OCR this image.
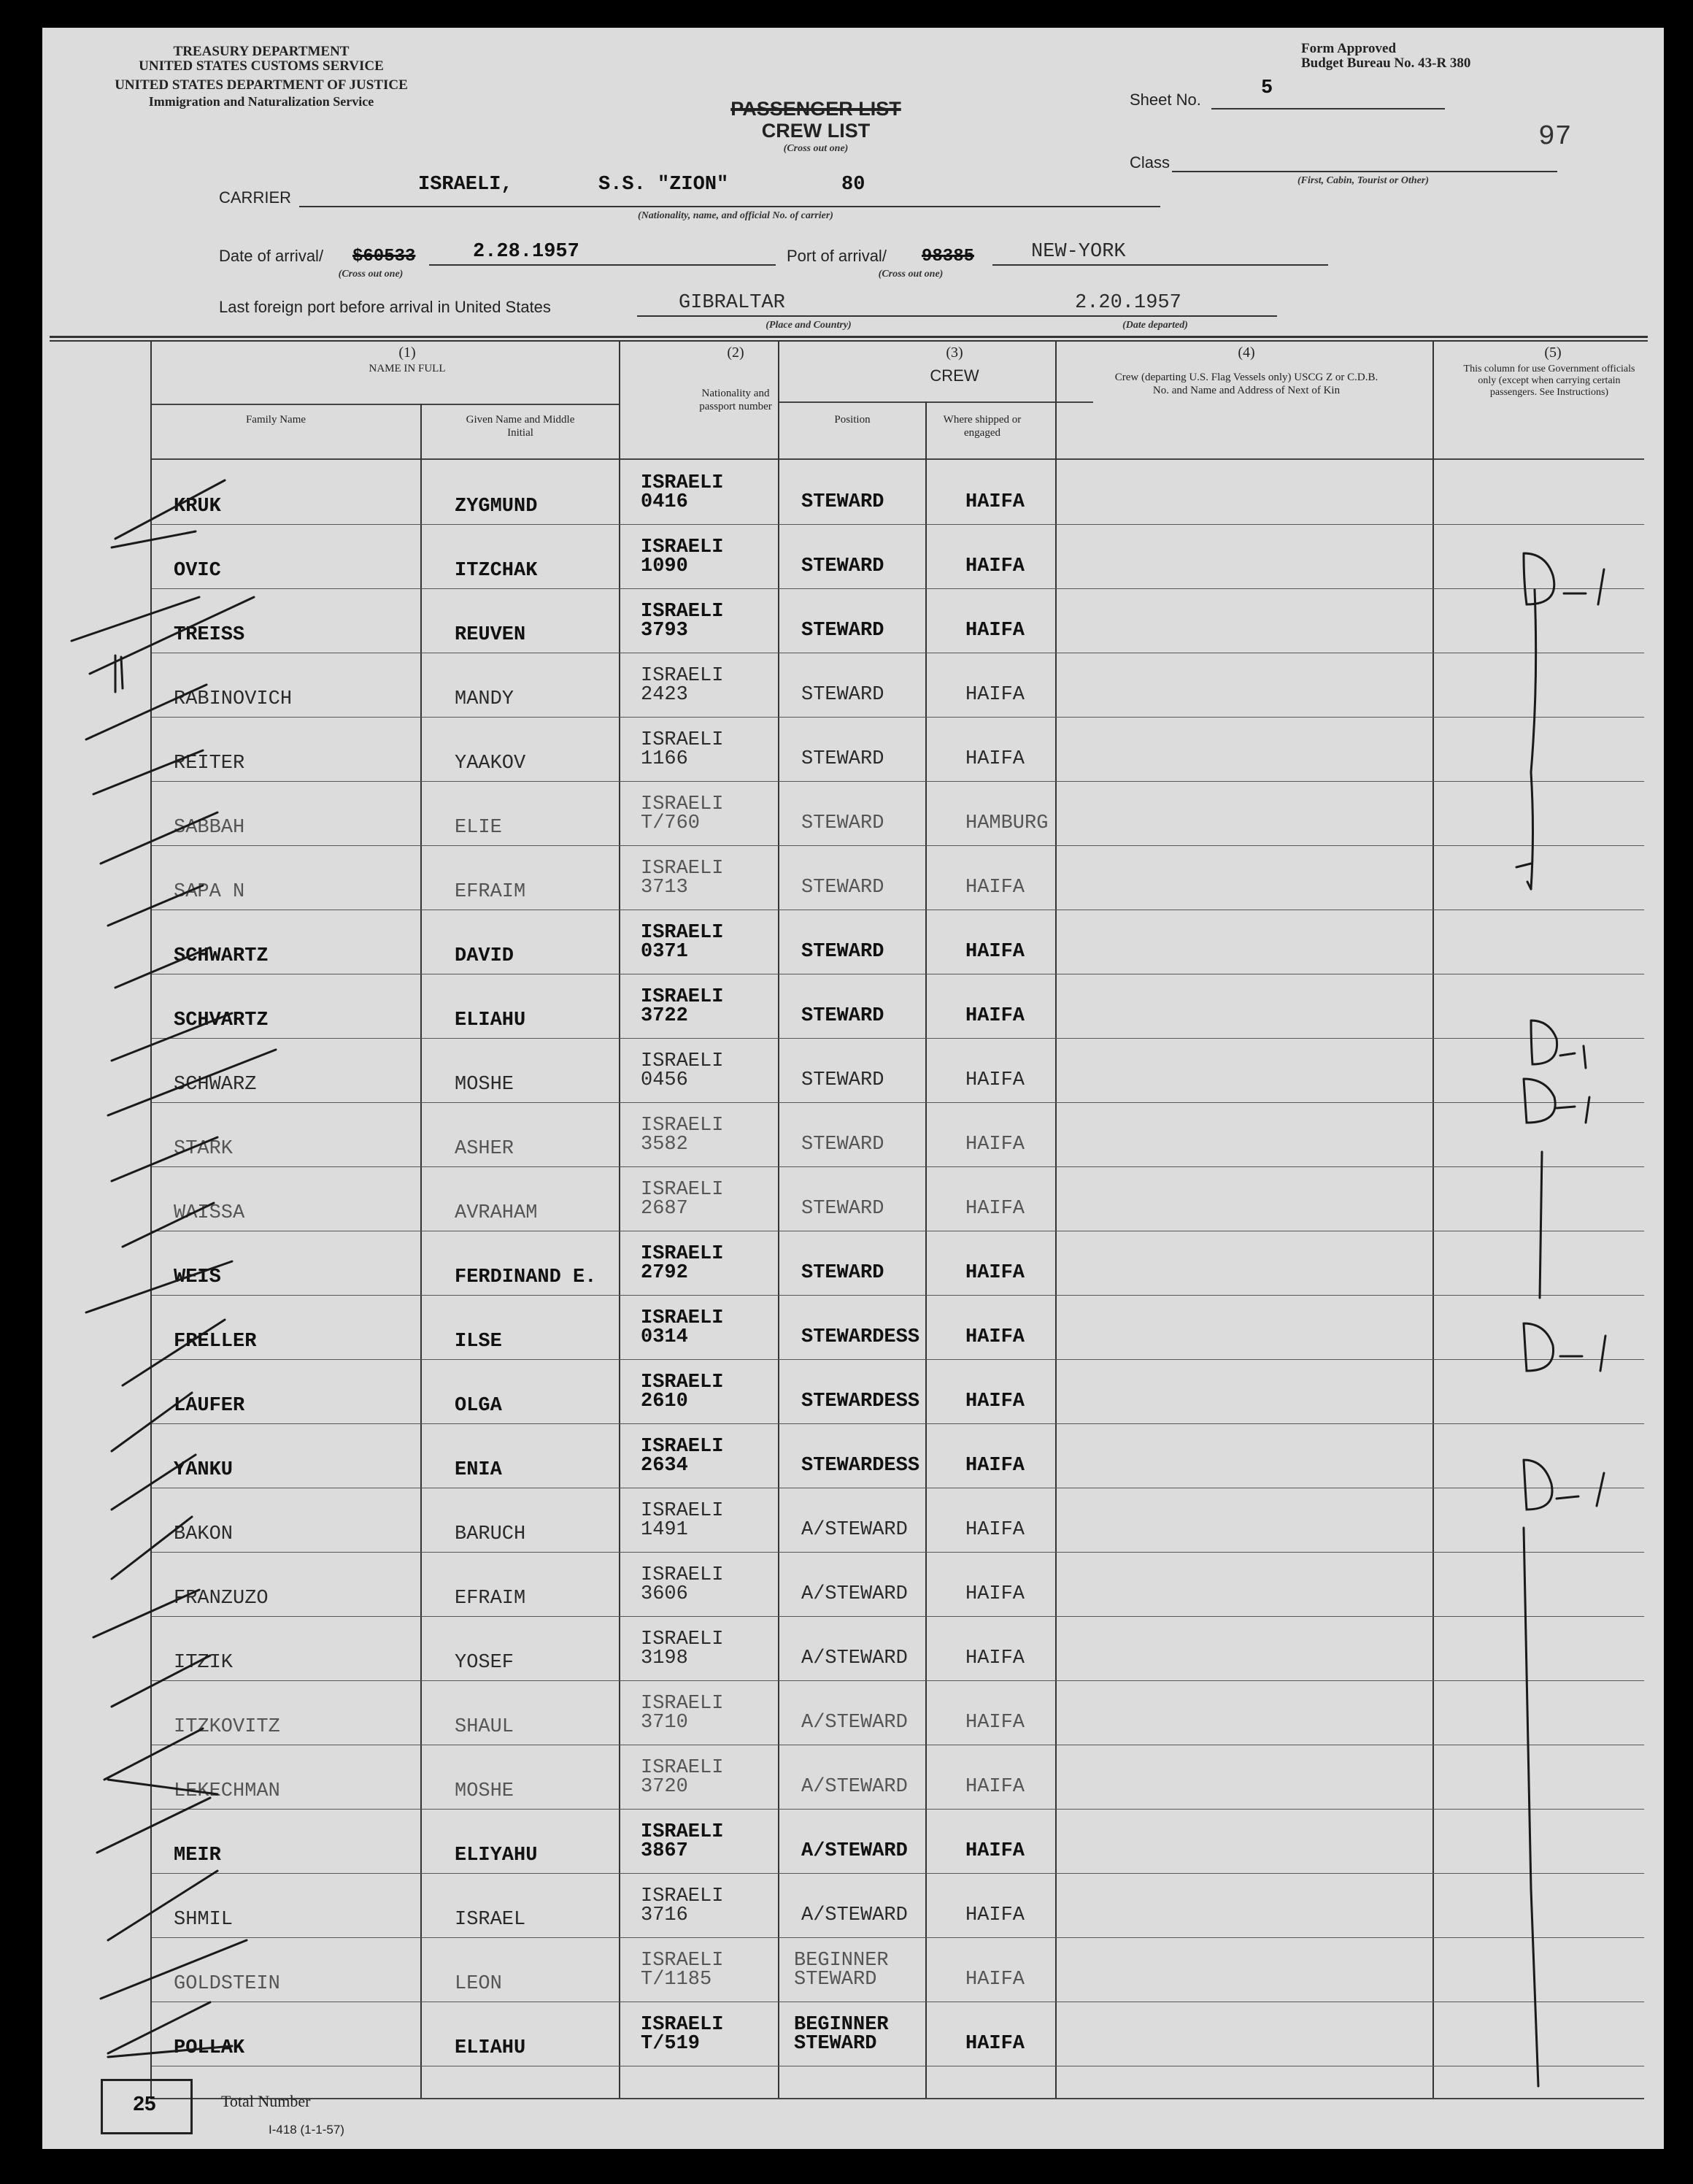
TREASURY DEPARTMENT
UNITED STATES CUSTOMS SERVICE
UNITED STATES DEPARTMENT OF JUSTICE
Immigration and Naturalization Service
Form Approved
Budget Bureau No. 43-R 380
PASSENGER LIST
CREW LIST
(Cross out one)
Sheet No.
5
97
Class
(First, Cabin, Tourist or Other)
CARRIER
ISRAELI,	S.S. "ZION"	80
(Nationality, name, and official No. of carrier)
Date of arrival/ $60533	2.28.1957
(Cross out one)
Port of arrival/ 98385	NEW-YORK
(Cross out one)
Last foreign port before arrival in United States	GIBRALTAR
(Place and Country)
2.20.1957
(Date departed)
(1)
NAME IN FULL
Family Name	Given Name and Middle Initial
(2)
Nationality and passport number
(3)
CREW
Position	Where shipped or engaged
(4)
Crew (departing U.S. Flag Vessels only) USCG Z or C.D.B. No. and Name and Address of Next of Kin
(5)
This column for use Government officials only (except when carrying certain passengers. See Instructions)
KRUK	ZYGMUND
ISRAELI
0416	STEWARD	HAIFA
OVIC	ITZCHAK
ISRAELI
1090	STEWARD	HAIFA
TREISS	REUVEN
ISRAELI
3793	STEWARD	HAIFA
RABINOVICH	MANDY
ISRAELI
2423	STEWARD	HAIFA
REITER	YAAKOV
ISRAELI
1166	STEWARD	HAIFA
SABBAH	ELIE
ISRAELI
T/760	STEWARD	HAMBURG
SAPA N	EFRAIM
ISRAELI
3713	STEWARD	HAIFA
SCHWARTZ	DAVID
ISRAELI
0371	STEWARD	HAIFA
SCHVARTZ	ELIAHU
ISRAELI
3722	STEWARD	HAIFA
SCHWARZ	MOSHE
ISRAELI
0456	STEWARD	HAIFA
STARK	ASHER
ISRAELI
3582	STEWARD	HAIFA
WAISSA	AVRAHAM
ISRAELI
2687	STEWARD	HAIFA
WEIS	FERDINAND E.
ISRAELI
2792	STEWARD	HAIFA
FRELLER	ILSE
ISRAELI
0314	STEWARDESS HAIFA
LAUFER	OLGA
ISRAELI
2610	STEWARDESS HAIFA
YANKU	ENIA
ISRAELI
2634	STEWARDESS HAIFA
BAKON	BARUCH
ISRAELI
1491	A/STEWARD	HAIFA
FRANZUZO	EFRAIM
ISRAELI
3606	A/STEWARD	HAIFA
ITZIK	YOSEF
ISRAELI
3198	A/STEWARD	HAIFA
ITZKOVITZ	SHAUL
ISRAELI
3710	A/STEWARD	HAIFA
LEKECHMAN	MOSHE
ISRAELI
3720	A/STEWARD	HAIFA
MEIR	ELIYAHU
ISRAELI
3867	A/STEWARD	HAIFA
SHMIL	ISRAEL
ISRAELI
3716	A/STEWARD	HAIFA
GOLDSTEIN	LEON
ISRAELI
T/1185
BEGINNER
STEWARD	HAIFA
POLLAK	ELIAHU
ISRAELI
T/519
BEGINNER
STEWARD	HAIFA
25	Total Number
I-418 (1-1-57)
